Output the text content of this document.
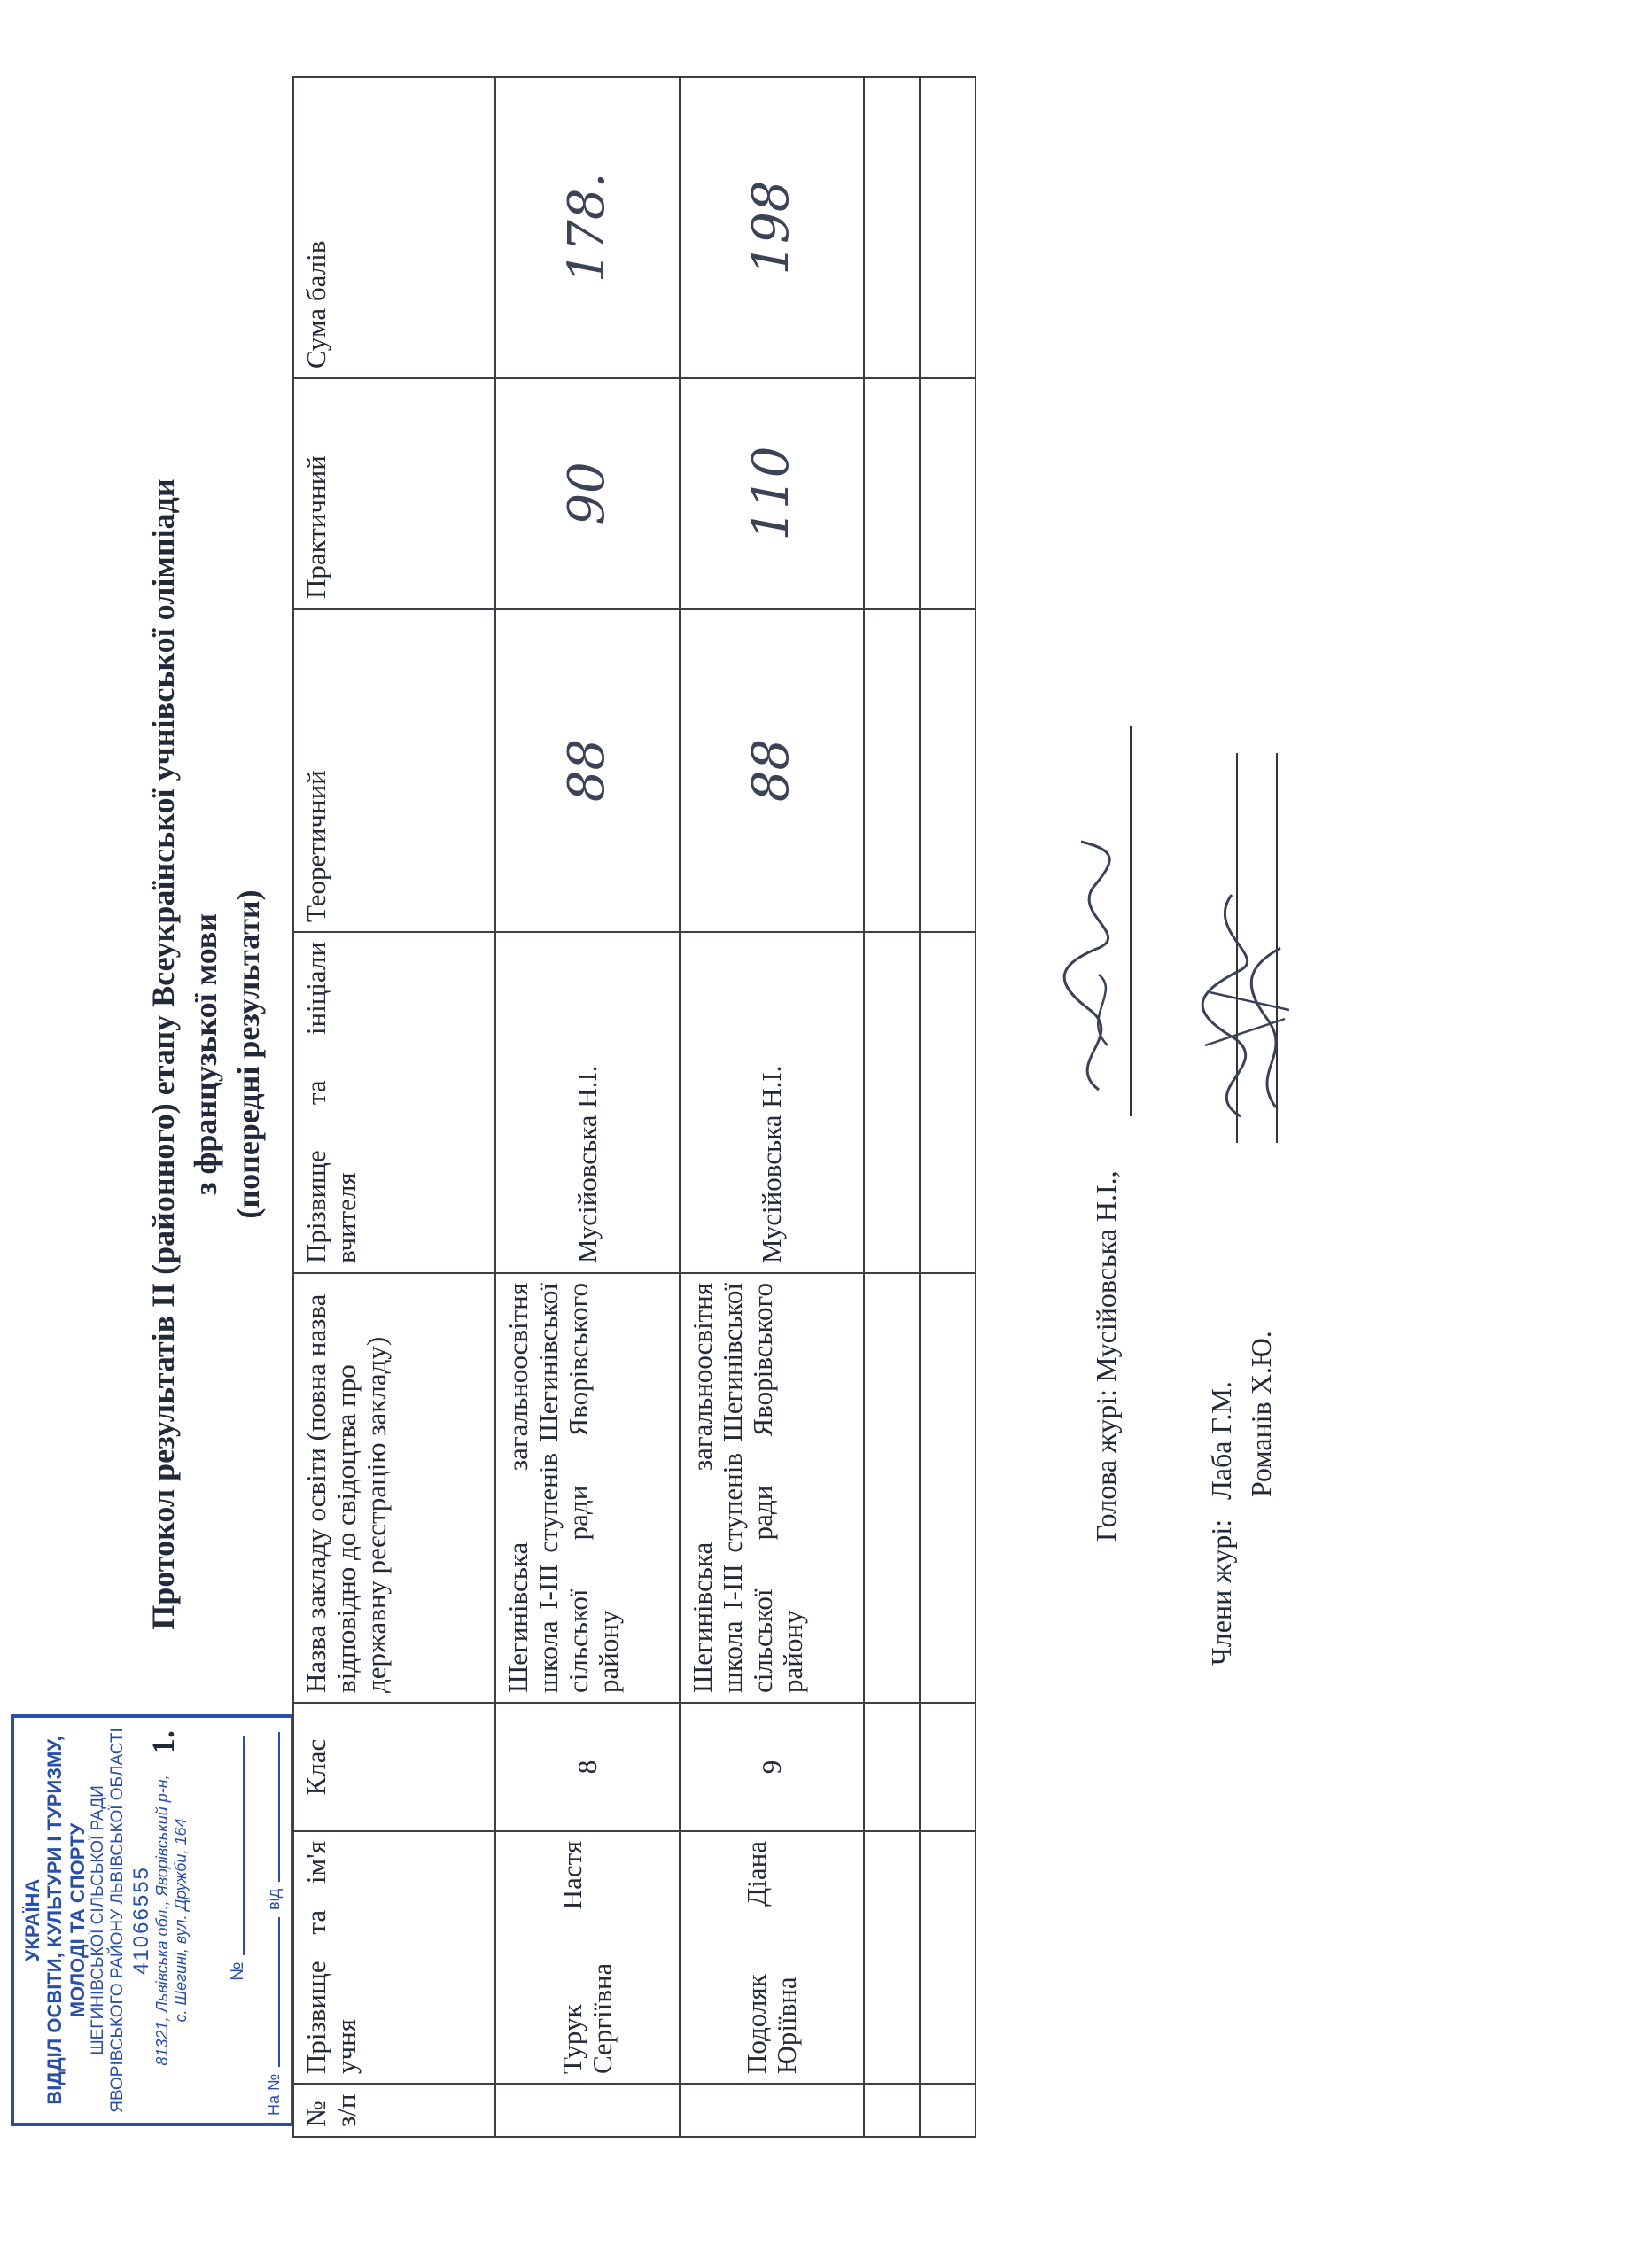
УКРАЇНА ВІДДІЛ ОСВІТИ, КУЛЬТУРИ І ТУРИЗМУ, МОЛОДІ ТА СПОРТУ ШЕГИНІВСЬКОЇ СІЛЬСЬКОЇ РАДИ ЯВОРІВСЬКОГО РАЙОНУ ЛЬВІВСЬКОЇ ОБЛАСТІ 41066555 81321, Львівська обл., Яворівський р-н, с. Шегині, вул. Дружби, 164 №
На №
від
1.
Протокол результатів II (районного) етапу Всеукраїнської учнівської олімпіади з французької мови (попередні результати)
№ з/п	Прізвище та ім'я учня	Клас	Назва закладу освіти (повна назва відповідно до свідоцтва про державну реєстрацію закладу)	Прізвище та ініціали вчителя	Теоретичний	Практичний	Сума балів
	Турук Настя Сергіївна	8	Шегинівська загальноосвітня школа І-ІІІ ступенів Шегинівської сільської ради Яворівського району	Мусійовська Н.І.	88	90	178.
	Подоляк Діана Юріївна	9	Шегинівська загальноосвітня школа І-ІІІ ступенів Шегинівської сільської ради Яворівського району	Мусійовська Н.І.	88	110	198

Голова журі: Мусійовська Н.І.,
Члени журі: Лаба Г.М. Романів Х.Ю.
